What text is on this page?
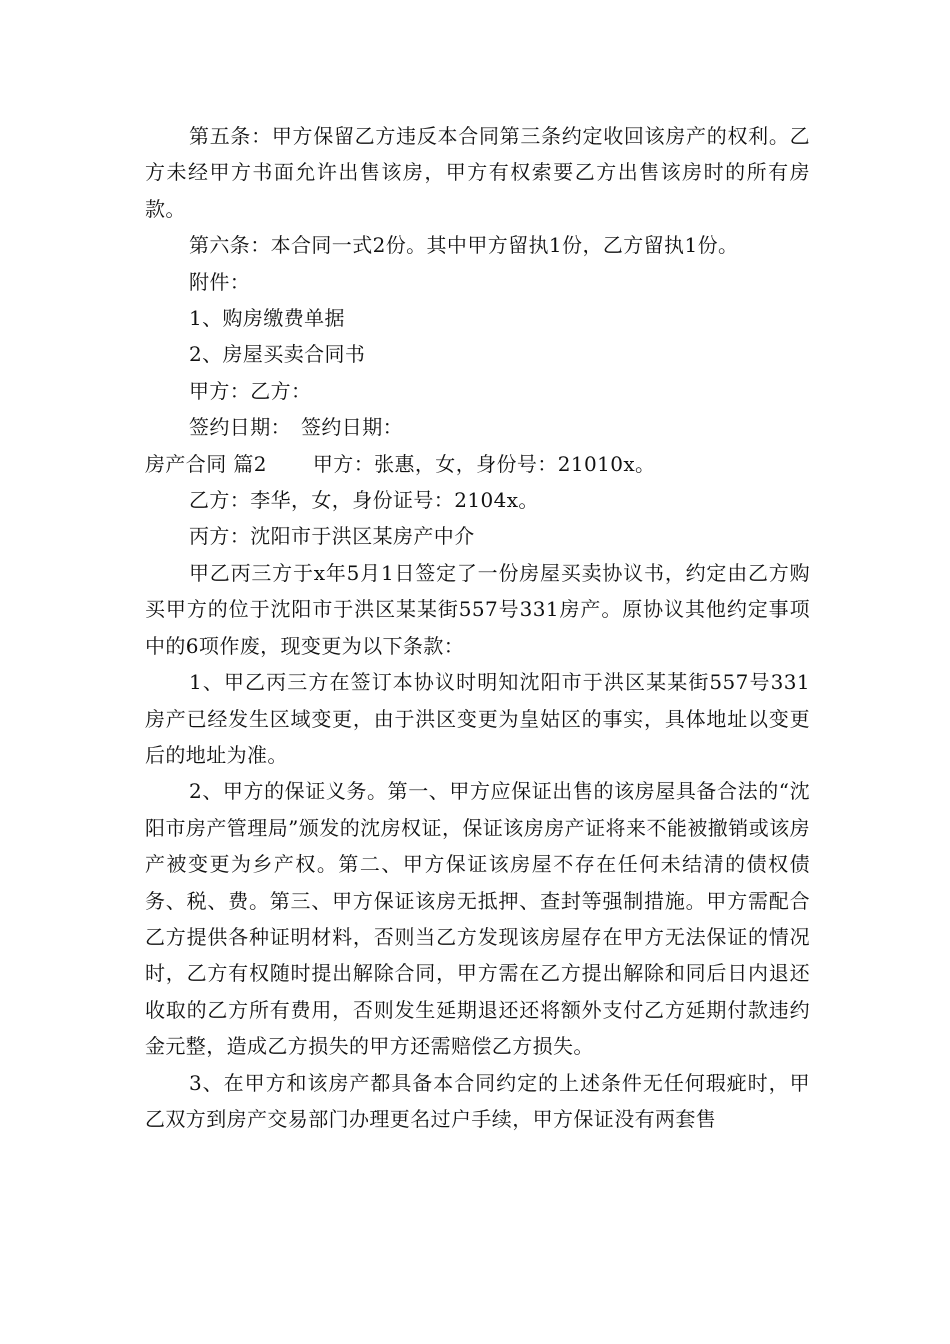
第五条：甲方保留乙方违反本合同第三条约定收回该房产的权利。乙方未经甲方书面允许出售该房，甲方有权索要乙方出售该房时的所有房款。

第六条：本合同一式2份。其中甲方留执1份，乙方留执1份。

附件：

1、购房缴费单据

2、房屋买卖合同书

甲方：乙方：

签约日期： 签约日期：

房产合同 篇2 甲方：张惠，女，身份号：21010x。

乙方：李华，女，身份证号：2104x。

丙方：沈阳市于洪区某房产中介

甲乙丙三方于x年5月1日签定了一份房屋买卖协议书，约定由乙方购买甲方的位于沈阳市于洪区某某街557号331房产。原协议其他约定事项中的6项作废，现变更为以下条款：

1、甲乙丙三方在签订本协议时明知沈阳市于洪区某某街557号331房产已经发生区域变更，由于洪区变更为皇姑区的事实，具体地址以变更后的地址为准。

2、甲方的保证义务。第一、甲方应保证出售的该房屋具备合法的“沈阳市房产管理局”颁发的沈房权证，保证该房房产证将来不能被撤销或该房产被变更为乡产权。第二、甲方保证该房屋不存在任何未结清的债权债务、税、费。第三、甲方保证该房无抵押、查封等强制措施。甲方需配合乙方提供各种证明材料，否则当乙方发现该房屋存在甲方无法保证的情况时，乙方有权随时提出解除合同，甲方需在乙方提出解除和同后日内退还收取的乙方所有费用，否则发生延期退还还将额外支付乙方延期付款违约金元整，造成乙方损失的甲方还需赔偿乙方损失。

3、在甲方和该房产都具备本合同约定的上述条件无任何瑕疵时，甲乙双方到房产交易部门办理更名过户手续，甲方保证没有两套售
